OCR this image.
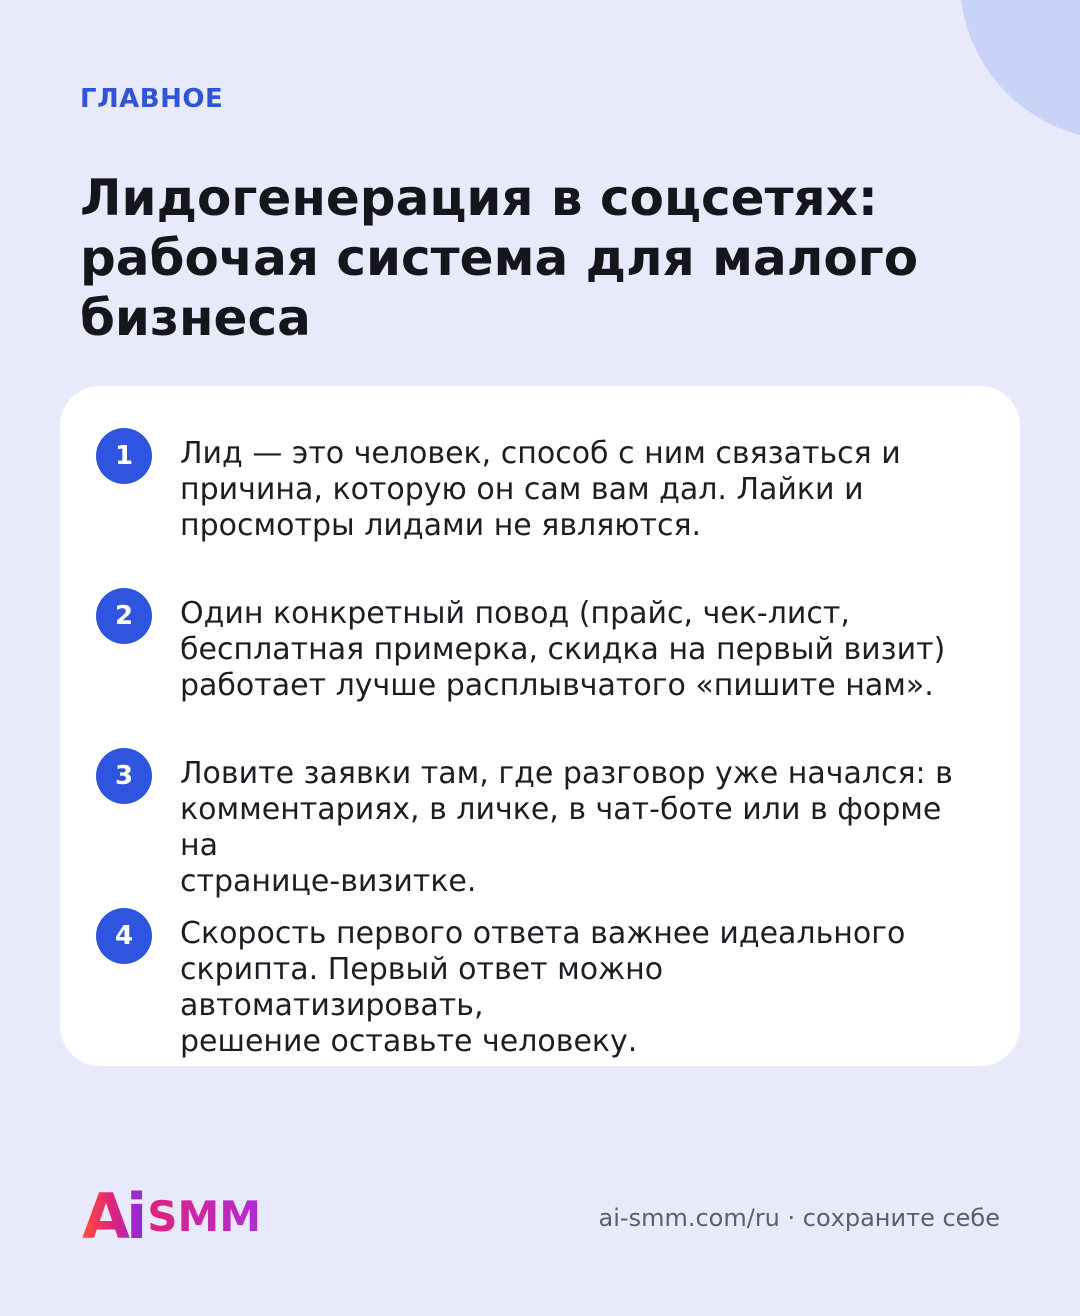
ГЛАВНОЕ
Лидогенерация в соцсетях: рабочая система для малого бизнеса
1	Лид — это человек, способ с ним связаться и
причина, которую он сам вам дал. Лайки и
просмотры лидами не являются.
2	Один конкретный повод (прайс, чек-лист,
бесплатная примерка, скидка на первый визит)
работает лучше расплывчатого «пишите нам».
3	Ловите заявки там, где разговор уже начался: в
комментариях, в личке, в чат-боте или в форме на
странице-визитке.
4	Скорость первого ответа важнее идеального
скрипта. Первый ответ можно автоматизировать,
решение оставьте человеку.
Ai SMM	ai-smm.com/ru · сохраните себе
